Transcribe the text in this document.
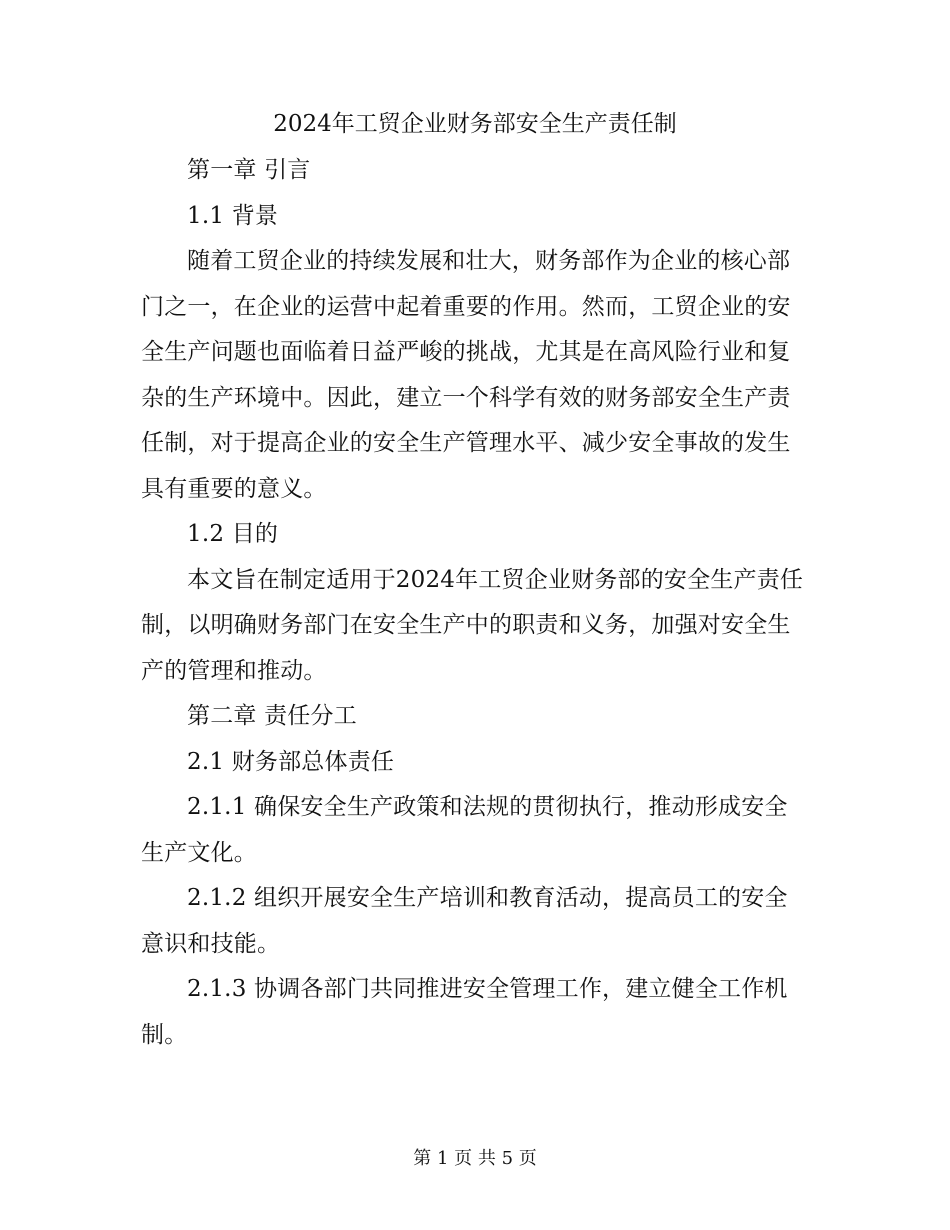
2024年工贸企业财务部安全生产责任制

第一章 引言

1.1 背景

随着工贸企业的持续发展和壮大，财务部作为企业的核心部门之一，在企业的运营中起着重要的作用。然而，工贸企业的安全生产问题也面临着日益严峻的挑战，尤其是在高风险行业和复杂的生产环境中。因此，建立一个科学有效的财务部安全生产责任制，对于提高企业的安全生产管理水平、减少安全事故的发生具有重要的意义。

1.2 目的

本文旨在制定适用于2024年工贸企业财务部的安全生产责任制，以明确财务部门在安全生产中的职责和义务，加强对安全生产的管理和推动。

第二章 责任分工

2.1 财务部总体责任

2.1.1 确保安全生产政策和法规的贯彻执行，推动形成安全生产文化。

2.1.2 组织开展安全生产培训和教育活动，提高员工的安全意识和技能。

2.1.3 协调各部门共同推进安全管理工作，建立健全工作机制。

第 1 页 共 5 页
